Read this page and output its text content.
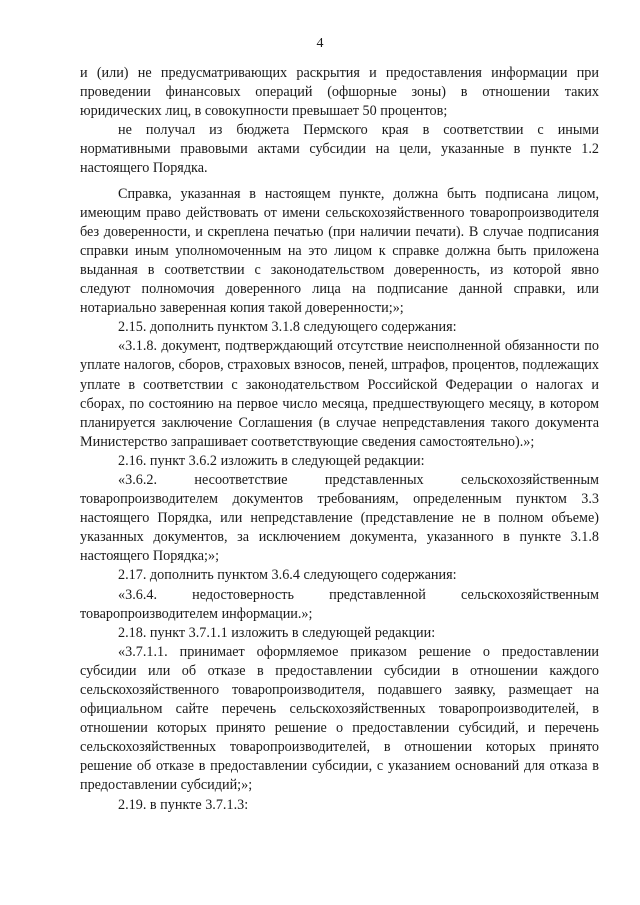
4

и (или) не предусматривающих раскрытия и предоставления информации при проведении финансовых операций (офшорные зоны) в отношении таких юридических лиц, в совокупности превышает 50 процентов;

не получал из бюджета Пермского края в соответствии с иными нормативными правовыми актами субсидии на цели, указанные в пункте 1.2 настоящего Порядка.

Справка, указанная в настоящем пункте, должна быть подписана лицом, имеющим право действовать от имени сельскохозяйственного товаропроизводителя без доверенности, и скреплена печатью (при наличии печати). В случае подписания справки иным уполномоченным на это лицом к справке должна быть приложена выданная в соответствии с законодательством доверенность, из которой явно следуют полномочия доверенного лица на подписание данной справки, или нотариально заверенная копия такой доверенности;»;

2.15. дополнить пунктом 3.1.8 следующего содержания:

«3.1.8. документ, подтверждающий отсутствие неисполненной обязанности по уплате налогов, сборов, страховых взносов, пеней, штрафов, процентов, подлежащих уплате в соответствии с законодательством Российской Федерации о налогах и сборах, по состоянию на первое число месяца, предшествующего месяцу, в котором планируется заключение Соглашения (в случае непредставления такого документа Министерство запрашивает соответствующие сведения самостоятельно).»;

2.16. пункт 3.6.2 изложить в следующей редакции:

«3.6.2. несоответствие представленных сельскохозяйственным товаропроизводителем документов требованиям, определенным пунктом 3.3 настоящего Порядка, или непредставление (представление не в полном объеме) указанных документов, за исключением документа, указанного в пункте 3.1.8 настоящего Порядка;»;

2.17. дополнить пунктом 3.6.4 следующего содержания:

«3.6.4. недостоверность представленной сельскохозяйственным товаропроизводителем информации.»;

2.18. пункт 3.7.1.1 изложить в следующей редакции:

«3.7.1.1. принимает оформляемое приказом решение о предоставлении субсидии или об отказе в предоставлении субсидии в отношении каждого сельскохозяйственного товаропроизводителя, подавшего заявку, размещает на официальном сайте перечень сельскохозяйственных товаропроизводителей, в отношении которых принято решение о предоставлении субсидий, и перечень сельскохозяйственных товаропроизводителей, в отношении которых принято решение об отказе в предоставлении субсидии, с указанием оснований для отказа в предоставлении субсидий;»;

2.19. в пункте 3.7.1.3:
